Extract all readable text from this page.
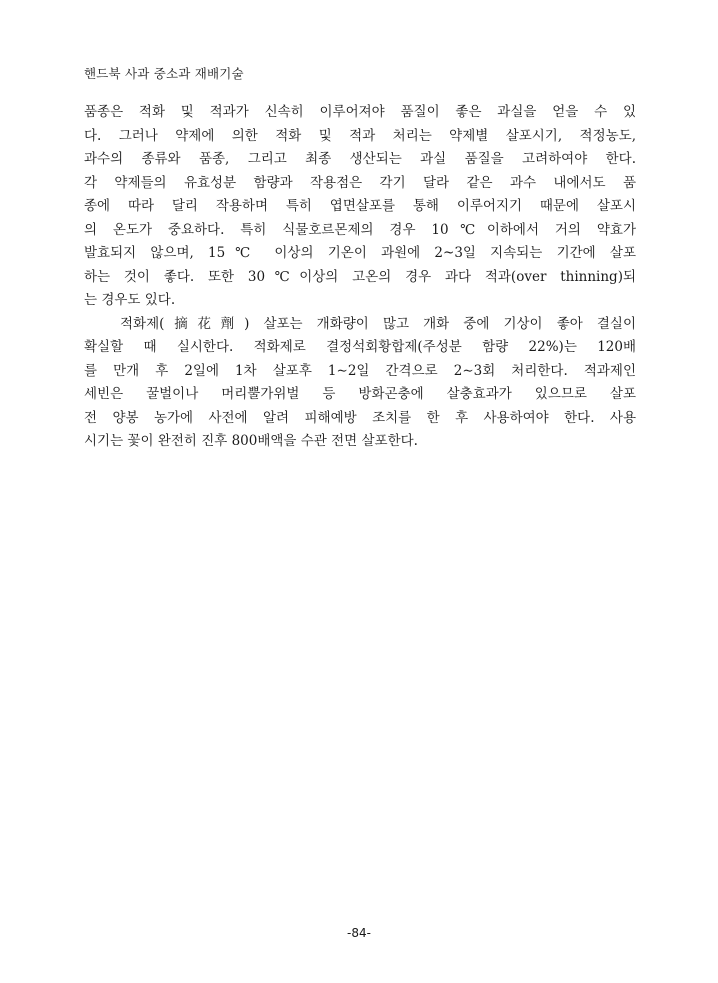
핸드북 사과 중소과 재배기술
품종은 적화 및 적과가 신속히 이루어져야 품질이 좋은 과실을 얻을 수 있
다. 그러나 약제에 의한 적화 및 적과 처리는 약제별 살포시기, 적정농도,
과수의 종류와 품종, 그리고 최종 생산되는 과실 품질을 고려하여야 한다.
각 약제들의 유효성분 함량과 작용점은 각기 달라 같은 과수 내에서도 품
종에 따라 달리 작용하며 특히 엽면살포를 통해 이루어지기 때문에 살포시
의 온도가 중요하다. 특히 식물호르몬제의 경우 10℃이하에서 거의 약효가
발효되지 않으며, 15℃ 이상의 기온이 과원에 2~3일 지속되는 기간에 살포
하는 것이 좋다. 또한 30℃이상의 고온의 경우 과다 적과(over thinning)되
는 경우도 있다.
적화제(摘花劑) 살포는 개화량이 많고 개화 중에 기상이 좋아 결실이
확실할 때 실시한다. 적화제로 결정석회황합제(주성분 함량 22%)는 120배
를 만개 후 2일에 1차 살포후 1∼2일 간격으로 2∼3회 처리한다. 적과제인
세빈은 꿀벌이나 머리뿔가위벌 등 방화곤충에 살충효과가 있으므로 살포
전 양봉 농가에 사전에 알려 피해예방 조치를 한 후 사용하여야 한다. 사용
시기는 꽃이 완전히 진후 800배액을 수관 전면 살포한다.
-84-
